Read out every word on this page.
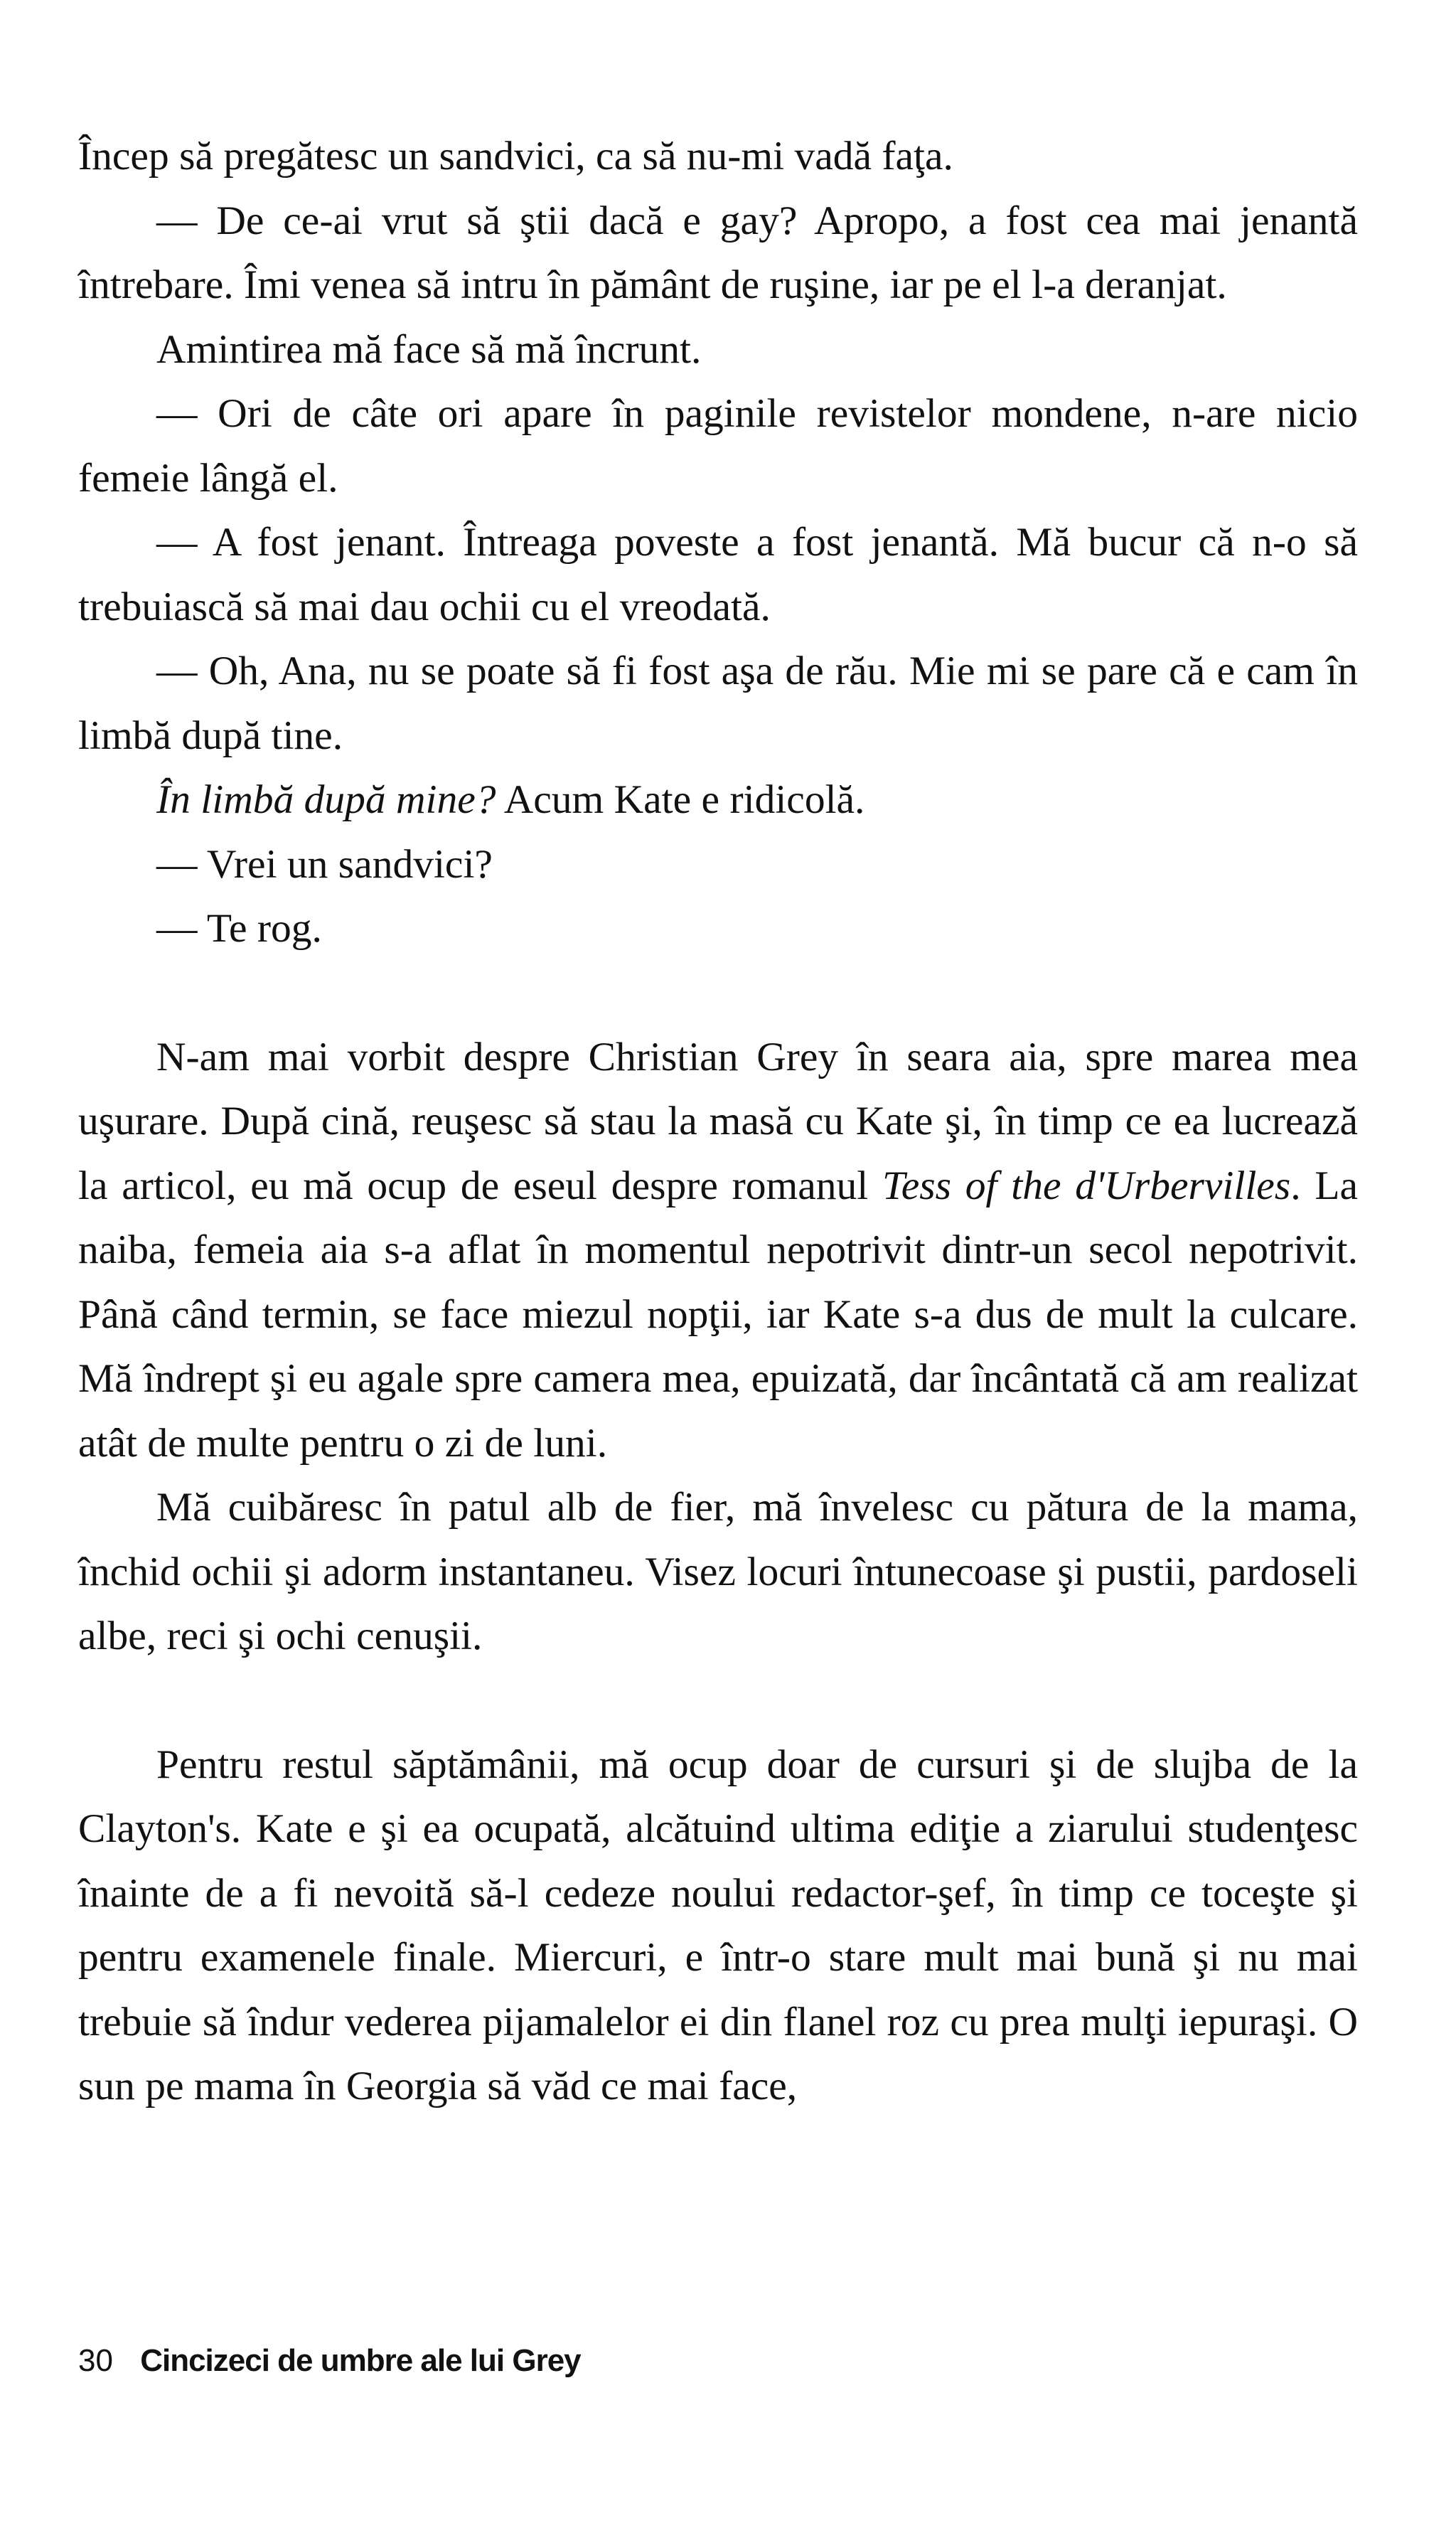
Încep să pregătesc un sandvici, ca să nu-mi vadă faţa.

— De ce-ai vrut să ştii dacă e gay? Apropo, a fost cea mai jenantă întrebare. Îmi venea să intru în pământ de ruşine, iar pe el l-a deranjat.

Amintirea mă face să mă încrunt.

— Ori de câte ori apare în paginile revistelor mondene, n-are nicio femeie lângă el.

— A fost jenant. Întreaga poveste a fost jenantă. Mă bucur că n-o să trebuiască să mai dau ochii cu el vreodată.

— Oh, Ana, nu se poate să fi fost aşa de rău. Mie mi se pare că e cam în limbă după tine.

În limbă după mine? Acum Kate e ridicolă.

— Vrei un sandvici?

— Te rog.

N-am mai vorbit despre Christian Grey în seara aia, spre marea mea uşurare. După cină, reuşesc să stau la masă cu Kate şi, în timp ce ea lucrează la articol, eu mă ocup de eseul despre romanul Tess of the d'Urbervilles. La naiba, femeia aia s-a aflat în momentul nepotrivit dintr-un secol nepotrivit. Până când termin, se face miezul nopţii, iar Kate s-a dus de mult la culcare. Mă îndrept şi eu agale spre camera mea, epuizată, dar încântată că am realizat atât de multe pentru o zi de luni.

Mă cuibăresc în patul alb de fier, mă învelesc cu pătura de la mama, închid ochii şi adorm instantaneu. Visez locuri întunecoase şi pustii, pardoseli albe, reci şi ochi cenuşii.

Pentru restul săptămânii, mă ocup doar de cursuri şi de slujba de la Clayton's. Kate e şi ea ocupată, alcătuind ultima ediţie a ziarului studenţesc înainte de a fi nevoită să-l cedeze noului redactor-şef, în timp ce toceşte şi pentru examenele finale. Miercuri, e într-o stare mult mai bună şi nu mai trebuie să îndur vederea pijamalelor ei din flanel roz cu prea mulţi iepuraşi. O sun pe mama în Georgia să văd ce mai face,

30 Cincizeci de umbre ale lui Grey
